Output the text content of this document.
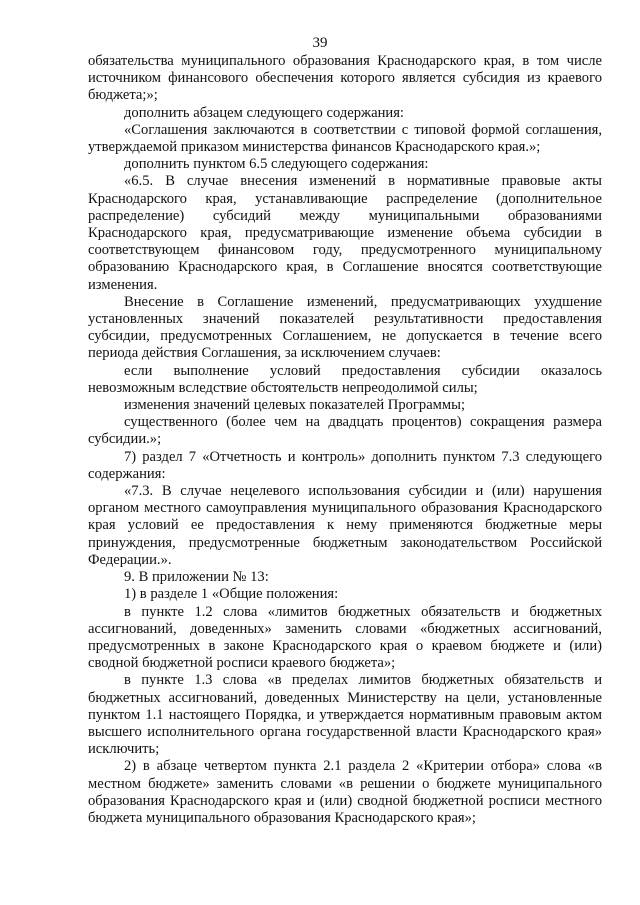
39

обязательства муниципального образования Краснодарского края, в том числе источником финансового обеспечения которого является субсидия из краевого бюджета;»;

дополнить абзацем следующего содержания:

«Соглашения заключаются в соответствии с типовой формой соглашения, утверждаемой приказом министерства финансов Краснодарского края.»;

дополнить пунктом 6.5 следующего содержания:

«6.5. В случае внесения изменений в нормативные правовые акты Краснодарского края, устанавливающие распределение (дополнительное распределение) субсидий между муниципальными образованиями Краснодарского края, предусматривающие изменение объема субсидии в соответствующем финансовом году, предусмотренного муниципальному образованию Краснодарского края, в Соглашение вносятся соответствующие изменения.

Внесение в Соглашение изменений, предусматривающих ухудшение установленных значений показателей результативности предоставления субсидии, предусмотренных Соглашением, не допускается в течение всего периода действия Соглашения, за исключением случаев:

если выполнение условий предоставления субсидии оказалось невозможным вследствие обстоятельств непреодолимой силы;

изменения значений целевых показателей Программы;

существенного (более чем на двадцать процентов) сокращения размера субсидии.»;

7) раздел 7 «Отчетность и контроль» дополнить пунктом 7.3 следующего содержания:

«7.3. В случае нецелевого использования субсидии и (или) нарушения органом местного самоуправления муниципального образования Краснодарского края условий ее предоставления к нему применяются бюджетные меры принуждения, предусмотренные бюджетным законодательством Российской Федерации.».

9. В приложении № 13:

1) в разделе 1 «Общие положения:

в пункте 1.2 слова «лимитов бюджетных обязательств и бюджетных ассигнований, доведенных» заменить словами «бюджетных ассигнований, предусмотренных в законе Краснодарского края о краевом бюджете и (или) сводной бюджетной росписи краевого бюджета»;

в пункте 1.3 слова «в пределах лимитов бюджетных обязательств и бюджетных ассигнований, доведенных Министерству на цели, установленные пунктом 1.1 настоящего Порядка, и утверждается нормативным правовым актом высшего исполнительного органа государственной власти Краснодарского края» исключить;

2) в абзаце четвертом пункта 2.1 раздела 2 «Критерии отбора» слова «в местном бюджете» заменить словами «в решении о бюджете муниципального образования Краснодарского края и (или) сводной бюджетной росписи местного бюджета муниципального образования Краснодарского края»;
